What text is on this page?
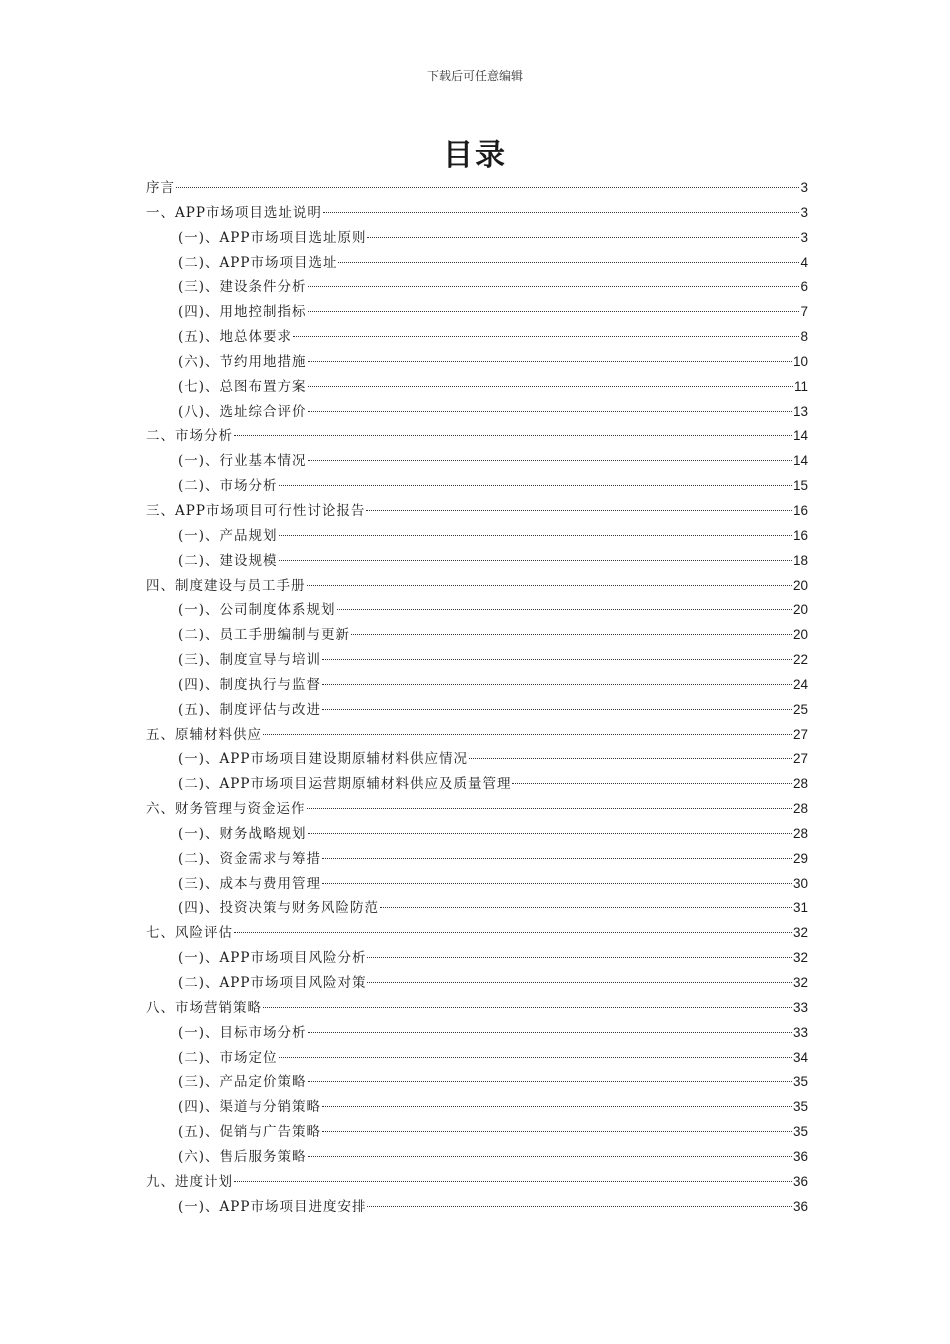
下载后可任意编辑
目录
序言	3
一、APP市场项目选址说明	3
(一)、APP市场项目选址原则	3
(二)、APP市场项目选址	4
(三)、建设条件分析	6
(四)、用地控制指标	7
(五)、地总体要求	8
(六)、节约用地措施	10
(七)、总图布置方案	11
(八)、选址综合评价	13
二、市场分析	14
(一)、行业基本情况	14
(二)、市场分析	15
三、APP市场项目可行性讨论报告	16
(一)、产品规划	16
(二)、建设规模	18
四、制度建设与员工手册	20
(一)、公司制度体系规划	20
(二)、员工手册编制与更新	20
(三)、制度宣导与培训	22
(四)、制度执行与监督	24
(五)、制度评估与改进	25
五、原辅材料供应	27
(一)、APP市场项目建设期原辅材料供应情况	27
(二)、APP市场项目运营期原辅材料供应及质量管理	28
六、财务管理与资金运作	28
(一)、财务战略规划	28
(二)、资金需求与筹措	29
(三)、成本与费用管理	30
(四)、投资决策与财务风险防范	31
七、风险评估	32
(一)、APP市场项目风险分析	32
(二)、APP市场项目风险对策	32
八、市场营销策略	33
(一)、目标市场分析	33
(二)、市场定位	34
(三)、产品定价策略	35
(四)、渠道与分销策略	35
(五)、促销与广告策略	35
(六)、售后服务策略	36
九、进度计划	36
(一)、APP市场项目进度安排	36
